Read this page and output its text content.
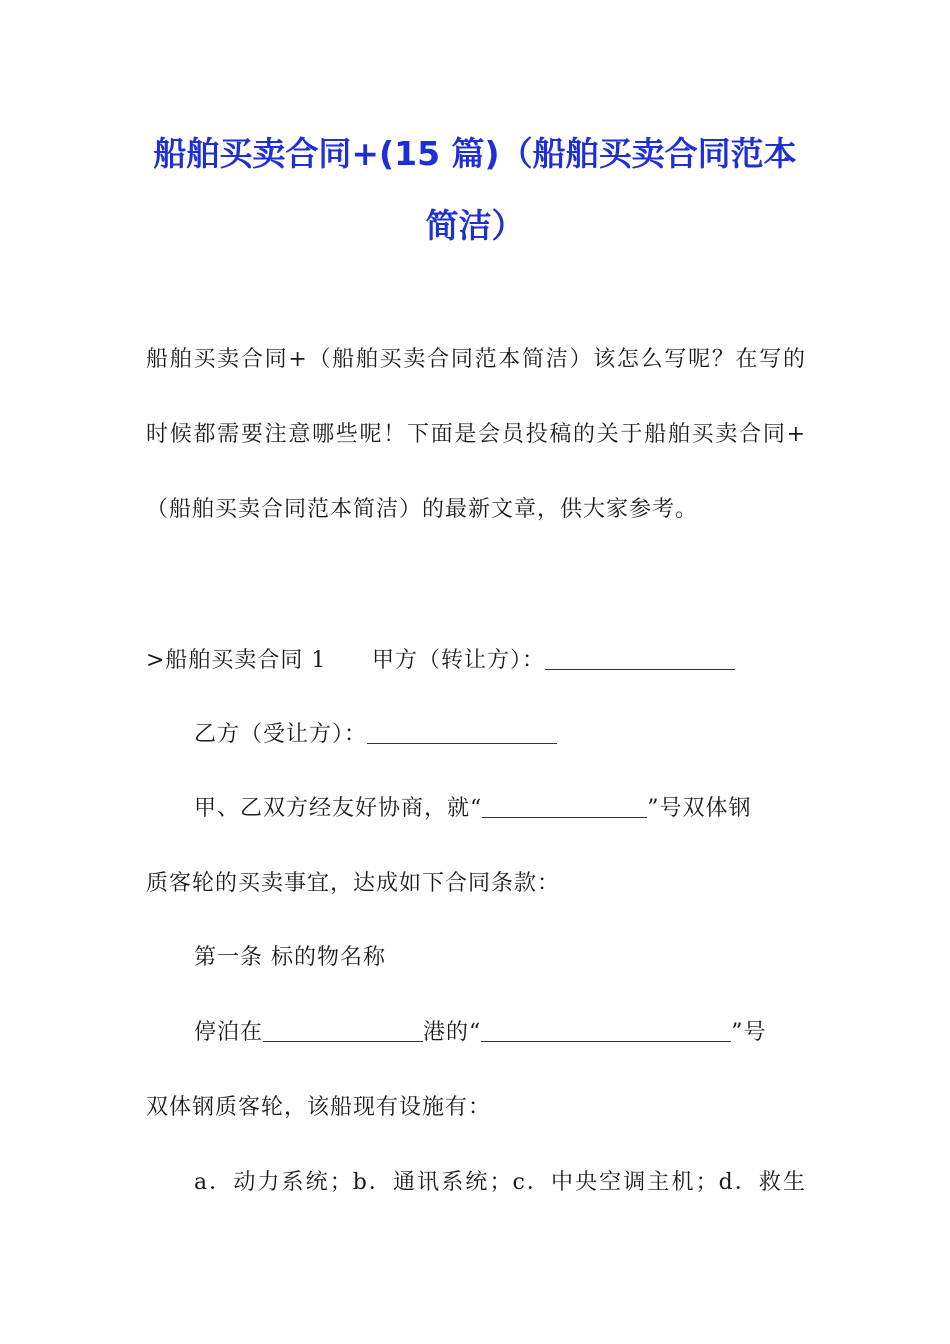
船舶买卖合同+(15 篇)（船舶买卖合同范本
简洁）
船舶买卖合同+（船舶买卖合同范本简洁）该怎么写呢？在写的
时候都需要注意哪些呢！下面是会员投稿的关于船舶买卖合同+
（船舶买卖合同范本简洁）的最新文章，供大家参考。
>船舶买卖合同 1 甲方（转让方）：
乙方（受让方）：
甲、乙双方经友好协商，就“	”号双体钢
质客轮的买卖事宜，达成如下合同条款：
第一条 标的物名称
停泊在	港的“	”号
双体钢质客轮，该船现有设施有：
a．动力系统；b．通讯系统；c．中央空调主机；d．救生
